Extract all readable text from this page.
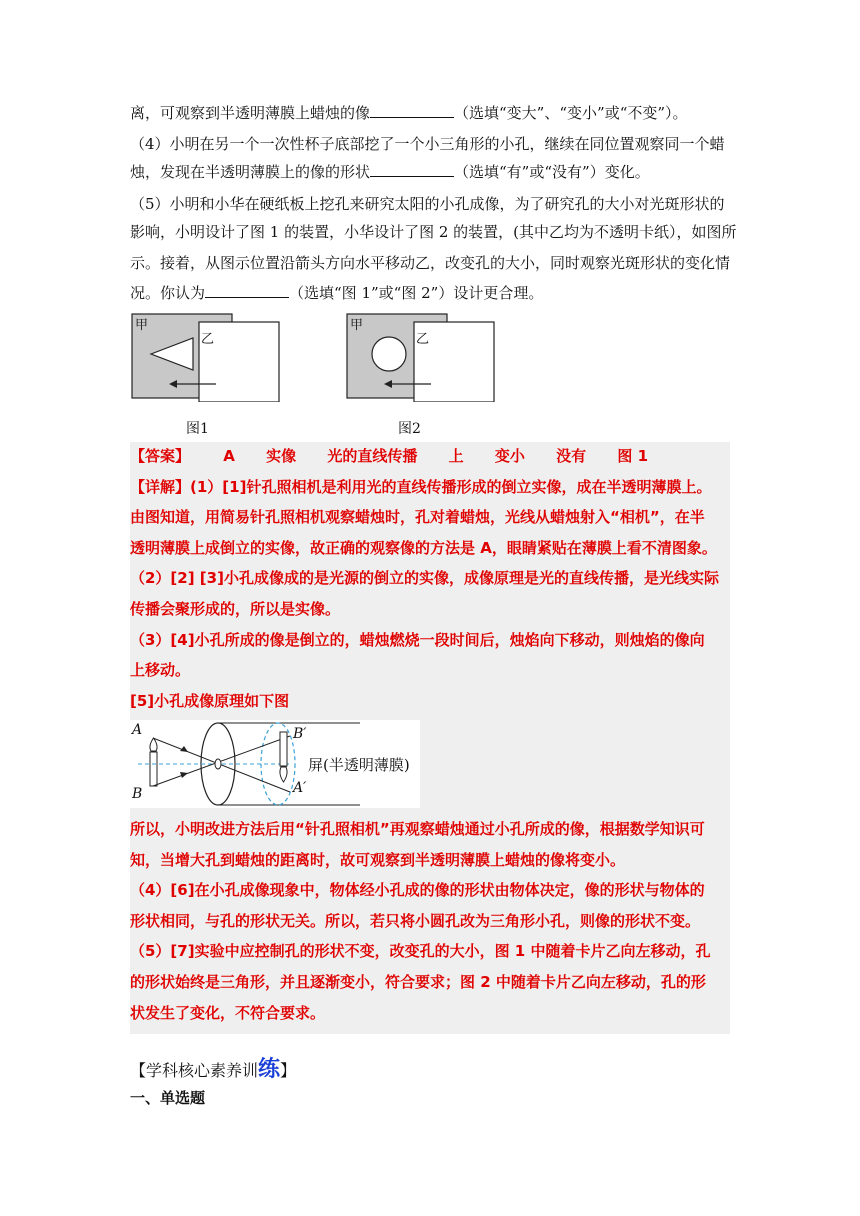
离，可观察到半透明薄膜上蜡烛的像	（选填“变大”、“变小”或“不变”）。
（4）小明在另一个一次性杯子底部挖了一个小三角形的小孔，继续在同位置观察同一个蜡
烛，发现在半透明薄膜上的像的形状	（选填“有”或“没有”）变化。
（5）小明和小华在硬纸板上挖孔来研究太阳的小孔成像，为了研究孔的大小对光斑形状的
影响，小明设计了图 1 的装置，小华设计了图 2 的装置，(其中乙均为不透明卡纸），如图所
示。接着，从图示位置沿箭头方向水平移动乙，改变孔的大小，同时观察光斑形状的变化情
况。你认为	（选填“图 1”或“图 2”）设计更合理。
甲
乙
图1
甲
乙
图2
【答案】 A 实像 光的直线传播 上 变小 没有 图 1
【详解】(1）[1]针孔照相机是利用光的直线传播形成的倒立实像，成在半透明薄膜上。
由图知道，用简易针孔照相机观察蜡烛时，孔对着蜡烛，光线从蜡烛射入“相机”，在半
透明薄膜上成倒立的实像，故正确的观察像的方法是 A，眼睛紧贴在薄膜上看不清图象。
（2）[2] [3]小孔成像成的是光源的倒立的实像，成像原理是光的直线传播，是光线实际
传播会聚形成的，所以是实像。
（3）[4]小孔所成的像是倒立的，蜡烛燃烧一段时间后，烛焰向下移动，则烛焰的像向
上移动。
[5]小孔成像原理如下图
A
B
B′
A′
屏(半透明薄膜)
所以，小明改进方法后用“针孔照相机”再观察蜡烛通过小孔所成的像，根据数学知识可
知，当增大孔到蜡烛的距离时，故可观察到半透明薄膜上蜡烛的像将变小。
（4）[6]在小孔成像现象中，物体经小孔成的像的形状由物体决定，像的形状与物体的
形状相同，与孔的形状无关。所以，若只将小圆孔改为三角形小孔，则像的形状不变。
（5）[7]实验中应控制孔的形状不变，改变孔的大小，图 1 中随着卡片乙向左移动，孔
的形状始终是三角形，并且逐渐变小，符合要求；图 2 中随着卡片乙向左移动，孔的形
状发生了变化，不符合要求。
【学科核心素养训练】
一、单选题
